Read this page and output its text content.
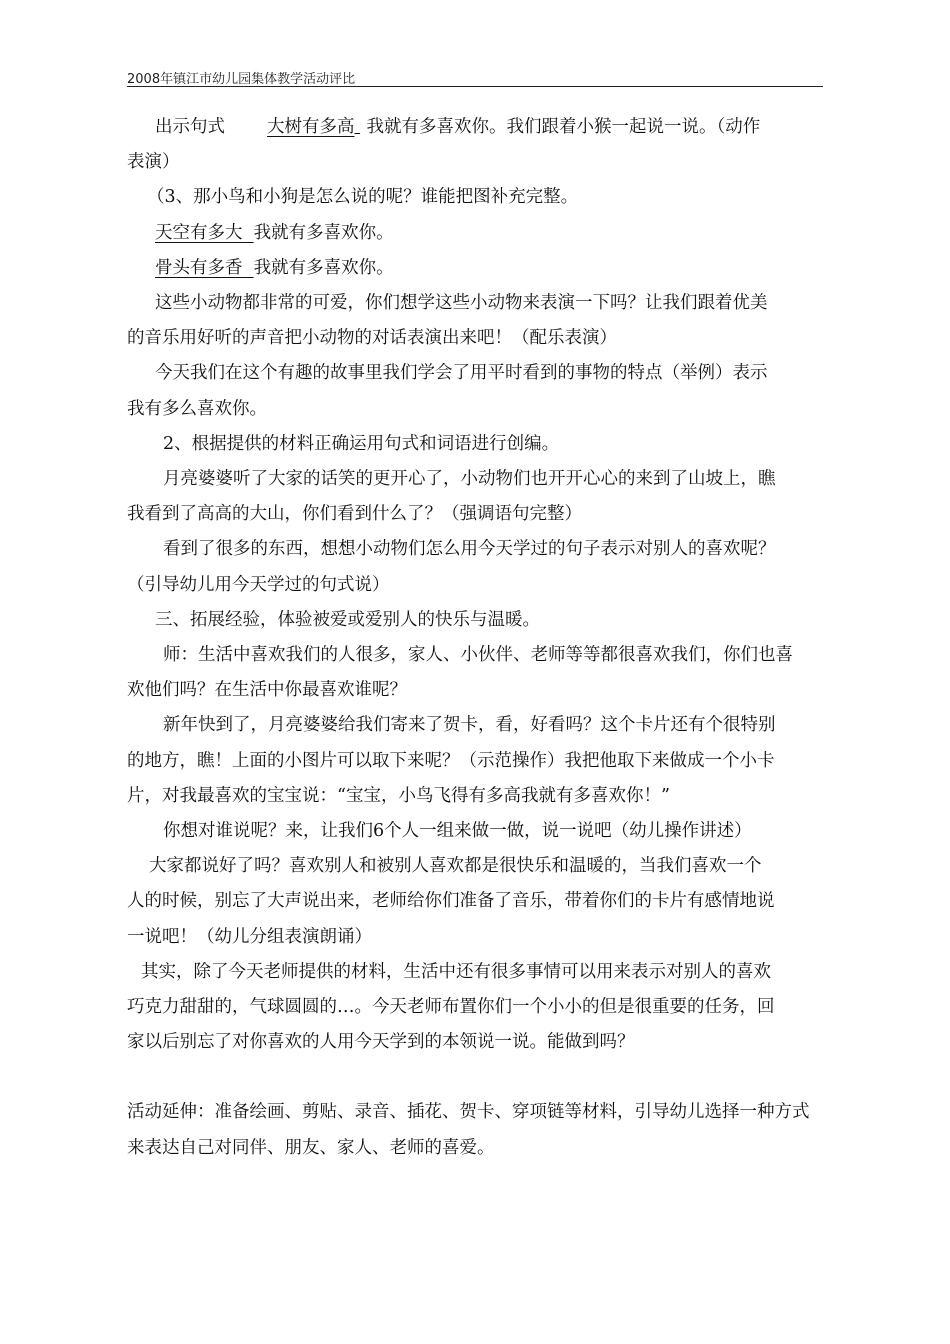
2008年镇江市幼儿园集体教学活动评比

出示句式 大树有多高 我就有多喜欢你。我们跟着小猴一起说一说。（动作

表演）

（3、那小鸟和小狗是怎么说的呢？谁能把图补充完整。

天空有多大 我就有多喜欢你。

骨头有多香 我就有多喜欢你。

这些小动物都非常的可爱，你们想学这些小动物来表演一下吗？让我们跟着优美

的音乐用好听的声音把小动物的对话表演出来吧！（配乐表演）

今天我们在这个有趣的故事里我们学会了用平时看到的事物的特点（举例）表示

我有多么喜欢你。

2、根据提供的材料正确运用句式和词语进行创编。

月亮婆婆听了大家的话笑的更开心了，小动物们也开开心心的来到了山坡上，瞧

我看到了高高的大山，你们看到什么了？（强调语句完整）

看到了很多的东西，想想小动物们怎么用今天学过的句子表示对别人的喜欢呢？

（引导幼儿用今天学过的句式说）

三、拓展经验，体验被爱或爱别人的快乐与温暖。

师：生活中喜欢我们的人很多，家人、小伙伴、老师等等都很喜欢我们，你们也喜

欢他们吗？在生活中你最喜欢谁呢？

新年快到了，月亮婆婆给我们寄来了贺卡，看，好看吗？这个卡片还有个很特别

的地方，瞧！上面的小图片可以取下来呢？（示范操作）我把他取下来做成一个小卡

片，对我最喜欢的宝宝说：“宝宝，小鸟飞得有多高我就有多喜欢你！”

你想对谁说呢？来，让我们6个人一组来做一做，说一说吧（幼儿操作讲述）

大家都说好了吗？喜欢别人和被别人喜欢都是很快乐和温暖的，当我们喜欢一个

人的时候，别忘了大声说出来，老师给你们准备了音乐，带着你们的卡片有感情地说

一说吧！（幼儿分组表演朗诵）

其实，除了今天老师提供的材料，生活中还有很多事情可以用来表示对别人的喜欢

巧克力甜甜的，气球圆圆的…。今天老师布置你们一个小小的但是很重要的任务，回

家以后别忘了对你喜欢的人用今天学到的本领说一说。能做到吗？

活动延伸：准备绘画、剪贴、录音、插花、贺卡、穿项链等材料，引导幼儿选择一种方式

来表达自己对同伴、朋友、家人、老师的喜爱。
